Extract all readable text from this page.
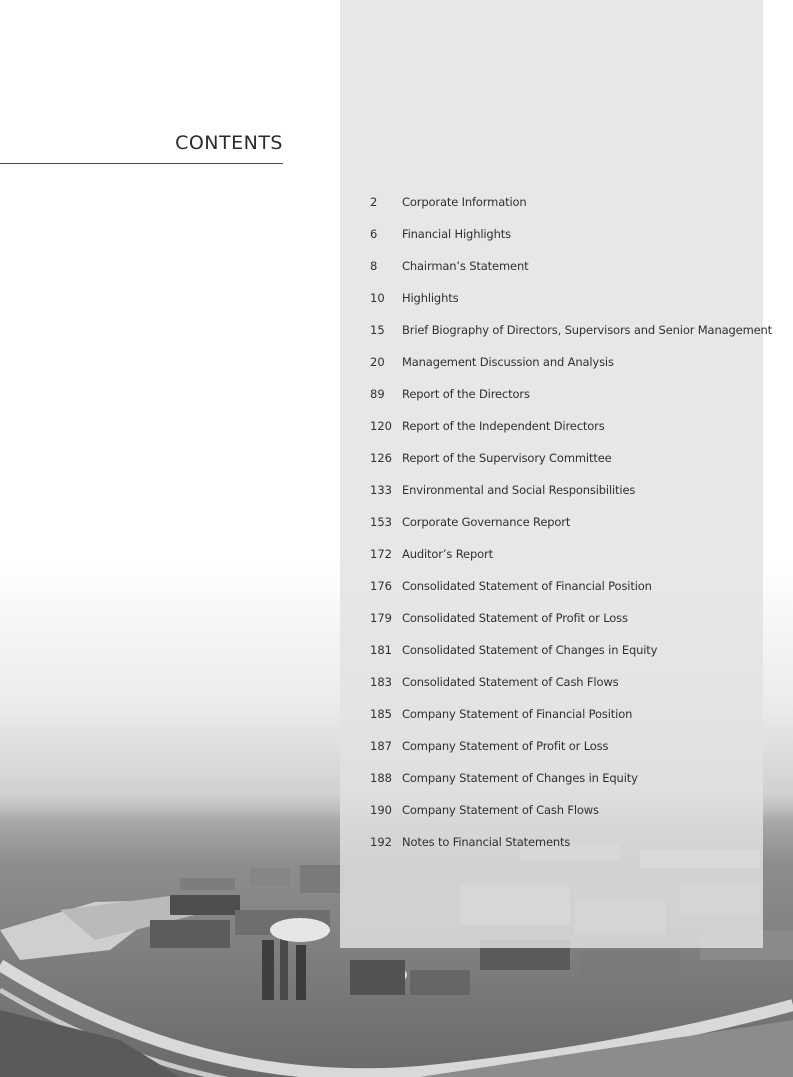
CONTENTS
2	Corporate Information
6	Financial Highlights
8	Chairman’s Statement
10	Highlights
15	Brief Biography of Directors, Supervisors and Senior Management
20	Management Discussion and Analysis
89	Report of the Directors
120 Report of the Independent Directors
126 Report of the Supervisory Committee
133 Environmental and Social Responsibilities
153 Corporate Governance Report
172 Auditor’s Report
176 Consolidated Statement of Financial Position
179 Consolidated Statement of Profit or Loss
181 Consolidated Statement of Changes in Equity
183 Consolidated Statement of Cash Flows
185 Company Statement of Financial Position
187 Company Statement of Profit or Loss
188 Company Statement of Changes in Equity
190 Company Statement of Cash Flows
192 Notes to Financial Statements
